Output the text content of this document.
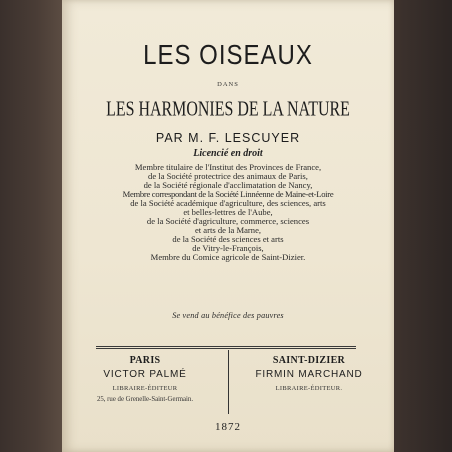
LES OISEAUX
DANS
LES HARMONIES DE LA NATURE
PAR M. F. LESCUYER
Licencié en droit
Membre titulaire de l'Institut des Provinces de France,
de la Société protectrice des animaux de Paris,
de la Société régionale d'acclimatation de Nancy,
Membre correspondant de la Société Linnéenne de Maine-et-Loire
de la Société académique d'agriculture, des sciences, arts
et belles-lettres de l'Aube,
de la Société d'agriculture, commerce, sciences
et arts de la Marne,
de la Société des sciences et arts
de Vitry-le-François,
Membre du Comice agricole de Saint-Dizier.
Se vend au bénéfice des pauvres
PARIS
VICTOR PALMÉ
LIBRAIRE-ÉDITEUR
25, rue de Grenelle-Saint-Germain.
SAINT-DIZIER
FIRMIN MARCHAND
LIBRAIRE-ÉDITEUR.
1872
